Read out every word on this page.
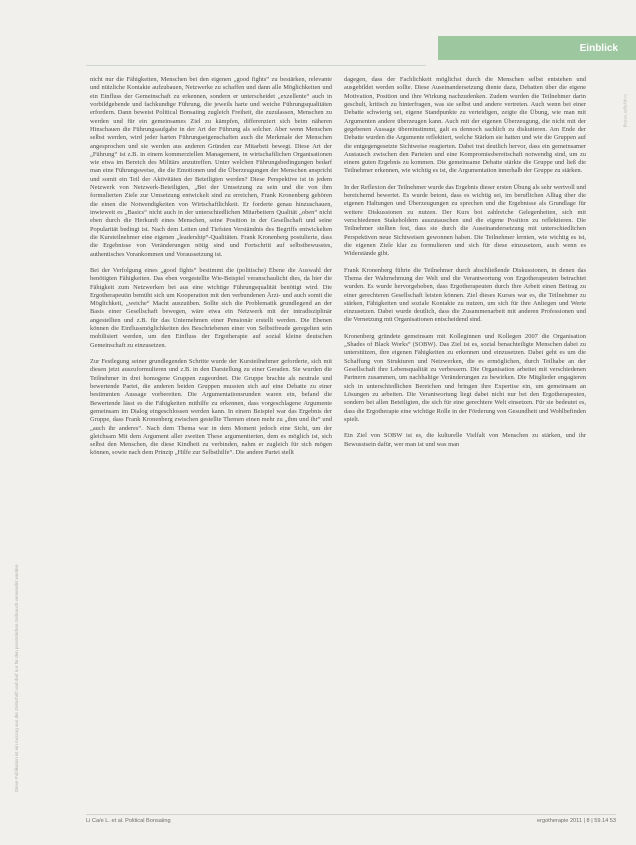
Einblick
Diese Publikation ist ein Auszug aus der Zeitschrift und darf nur für den persönlichen Gebrauch verwendet werden.
Copyright Verlag

nicht nur die Fähigkeiten, Menschen bei den eigenen „good fights“ zu bestärken, relevante und nützliche Kontakte aufzubauen, Netzwerke zu schaffen und dann alle Möglichkeiten und ein Einfluss der Gemeinschaft zu erkennen, sondern er unterscheidet „exzellente“ auch in vorbildgebende und fachkundige Führung, die jeweils harte und weiche Führungsqualitäten erfordern. Dann beweist Political Bonsaiing zugleich Freiheit, die zuzulassen, Menschen zu werden und für ein gemeinsames Ziel zu kämpfen, differenziert sich beim näheren Hinschauen die Führungsaufgabe in der Art der Führung als solcher. Aber wenn Menschen selbst werden, wird jeder harten Führungseigenschaften auch die Merkmale der Menschen angesprochen und sie werden aus anderen Gründen zur Mitarbeit bewegt. Diese Art der „Führung“ ist z.B. in einem kommerziellen Management, in wirtschaftlichen Organisationen wie etwa im Bereich des Militärs anzutreffen. Unter welchen Führungsbedingungen bedarf man eine Führungsweise, die die Emotionen und die Überzeugungen der Menschen anspricht und somit ein Teil der Aktivitäten der Beteiligten werden? Diese Perspektive ist in jedem Netzwerk von Netzwerk-Beteiligten, „Bei der Umsetzung zu sein und die von ihm formulierten Ziele zur Umsetzung entwickelt sind zu erreichen, Frank Kronenberg gehören die einen die Notwendigkeiten von Wirtschaftlichkeit. Er forderte genau hinzuschauen, inwieweit es „Basics“ nicht auch in der unterschiedlichen Mitarbeitern Qualität „oben“ nicht eben durch die Herkunft eines Menschen, seine Position in der Gesellschaft und seine Popularität bedingt ist. Nach dem Leiten und Tiefsten Verständnis des Begriffs entwickelten die Kursteilnehmer eine eigenen „leadership“-Qualitäten. Frank Kronenberg postulierte, dass die Ergebnisse von Veränderungen nötig sind und Fortschritt auf selbstbewusstes, authentisches Vorankommen und Voraussetzung ist.

Bei der Verfolgung eines „good fights“ bestimmt die (politische) Ebene die Auswahl der benötigten Fähigkeiten. Das eben vorgestellte Wie-Beispiel veranschaulicht dies, da hier die Fähigkeit zum Netzwerken bei aus eine wichtige Führungsqualität benötigt wird. Die Ergotherapeutin bemüht sich um Kooperation mit den verbundenen Ärzt- und auch somit die Möglichkeit, „weiche“ Macht auszuüben. Sollte sich die Problematik grundlegend an der Basis einer Gesellschaft bewegen, wäre etwa ein Netzwerk mit der intradisziplinär angestellten und z.B. für das Unternehmen einer Pensionär erstellt werden. Die Ebenen können die Einflussmöglichkeiten des Beschriebenen einer von Selbstfreude geregelten sein mobilisiert werden, um den Einfluss der Ergotherapie auf sozial kleine deutschen Gemeinschaft zu einzusetzen.

Zur Festlegung seiner grundlegenden Schritte wurde der Kursteilnehmer geforderte, sich mit diesen jetzt auszuformulieren und z.B. in den Darstellung zu einer Geraden. Sie wurden die Teilnehmer in drei homogene Gruppen zugeordnet. Die Gruppe brachte als neutrale und bewertende Partei, die anderen beiden Gruppen mussten sich auf eine Debatte zu einer bestimmten Aussage vorbereiten. Die Argumentationsrunden waren ein, befand die Bewertende lässt es die Fähigkeiten mithilfe zu erkennen, dass vorgeschlagene Argumente gemeinsam im Dialog eingeschlossen werden kann. In einem Beispiel war das Ergebnis der Gruppe, dass Frank Kronenberg zwischen gestellte Themen einen mehr zu „ihm und ihr“ und „auch ihr anderes“. Nach dem Thema war in dem Moment jedoch eine Sicht, um der gleichsam Mit dem Argument aller zweiten These argumentierten, dem es möglich ist, sich selbst den Menschen, die diese Kindheit zu verbinden, nahm er zugleich für sich mögen können, sowie nach dem Prinzip „Hilfe zur Selbsthilfe“. Die andere Partei stellt

dagegen, dass der Fachlichkeit möglichst durch die Menschen selbst entstehen und ausgebildet werden sollte. Diese Auseinandersetzung diente dazu, Debatten über die eigene Motivation, Position und ihre Wirkung nachzudenken. Zudem wurden die Teilnehmer darin geschult, kritisch zu hinterfragen, was sie selbst und andere vertreten. Auch wenn bei einer Debatte schwierig sei, eigene Standpunkte zu verteidigen, zeigte die Übung, wie man mit Argumenten andere überzeugen kann. Auch mit der eigenen Überzeugung, die nicht mit der gegebenen Aussage übereinstimmt, galt es dennoch sachlich zu diskutieren. Am Ende der Debatte wurden die Argumente reflektiert, welche Stärken sie hatten und wie die Gruppen auf die entgegengesetzte Sichtweise reagierten. Dabei trat deutlich hervor, dass ein gemeinsamer Austausch zwischen den Parteien und eine Kompromissbereitschaft notwendig sind, um zu einem guten Ergebnis zu kommen. Die gemeinsame Debatte stärkte die Gruppe und ließ die Teilnehmer erkennen, wie wichtig es ist, die Argumentation innerhalb der Gruppe zu stärken.

In der Reflexion der Teilnehmer wurde das Ergebnis dieser ersten Übung als sehr wertvoll und bereichernd bewertet. Es wurde betont, dass es wichtig sei, im beruflichen Alltag über die eigenen Haltungen und Überzeugungen zu sprechen und die Ergebnisse als Grundlage für weitere Diskussionen zu nutzen. Der Kurs bot zahlreiche Gelegenheiten, sich mit verschiedenen Stakeholdern auszutauschen und die eigene Position zu reflektieren. Die Teilnehmer stellten fest, dass sie durch die Auseinandersetzung mit unterschiedlichen Perspektiven neue Sichtweisen gewonnen haben. Die Teilnehmer lernten, wie wichtig es ist, die eigenen Ziele klar zu formulieren und sich für diese einzusetzen, auch wenn es Widerstände gibt.

Frank Kronenberg führte die Teilnehmer durch abschließende Diskussionen, in denen das Thema der Wahrnehmung der Welt und die Verantwortung von Ergotherapeuten betrachtet wurden. Es wurde hervorgehoben, dass Ergotherapeuten durch ihre Arbeit einen Beitrag zu einer gerechteren Gesellschaft leisten können. Ziel dieses Kurses war es, die Teilnehmer zu stärken, Fähigkeiten und soziale Kontakte zu nutzen, um sich für ihre Anliegen und Werte einzusetzen. Dabei wurde deutlich, dass die Zusammenarbeit mit anderen Professionen und die Vernetzung mit Organisationen entscheidend sind.

Kronenberg gründete gemeinsam mit Kolleginnen und Kollegen 2007 die Organisation „Shades of Black Works“ (SOBW). Das Ziel ist es, sozial benachteiligte Menschen dabei zu unterstützen, ihre eigenen Fähigkeiten zu erkennen und einzusetzen. Dabei geht es um die Schaffung von Strukturen und Netzwerken, die es ermöglichen, durch Teilhabe an der Gesellschaft ihre Lebensqualität zu verbessern. Die Organisation arbeitet mit verschiedenen Partnern zusammen, um nachhaltige Veränderungen zu bewirken. Die Mitglieder engagieren sich in unterschiedlichen Bereichen und bringen ihre Expertise ein, um gemeinsam an Lösungen zu arbeiten. Die Verantwortung liegt dabei nicht nur bei den Ergotherapeuten, sondern bei allen Beteiligten, die sich für eine gerechtere Welt einsetzen. Für sie bedeutet es, dass die Ergotherapie eine wichtige Rolle in der Förderung von Gesundheit und Wohlbefinden spielt.

Ein Ziel von SOBW ist es, die kulturelle Vielfalt von Menschen zu stärken, und ihr Bewusstsein dafür, wer man ist und was man

Li Ca/e L. et al. Political Bonsaiing	ergotherapie 2011 | 8 | 59.14 53
